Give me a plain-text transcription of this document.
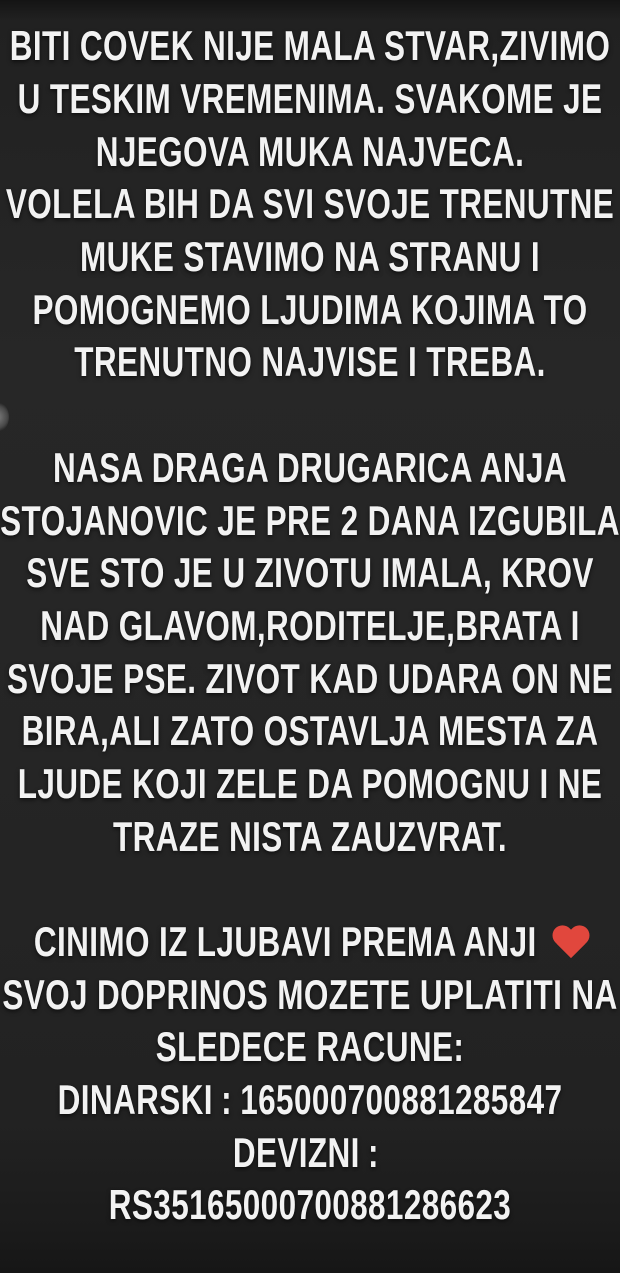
BITI COVEK NIJE MALA STVAR,ZIVIMO
U TESKIM VREMENIMA. SVAKOME JE
NJEGOVA MUKA NAJVECA.
VOLELA BIH DA SVI SVOJE TRENUTNE
MUKE STAVIMO NA STRANU I
POMOGNEMO LJUDIMA KOJIMA TO
TRENUTNO NAJVISE I TREBA.
NASA DRAGA DRUGARICA ANJA
STOJANOVIC JE PRE 2 DANA IZGUBILA
SVE STO JE U ZIVOTU IMALA, KROV
NAD GLAVOM,RODITELJE,BRATA I
SVOJE PSE. ZIVOT KAD UDARA ON NE
BIRA,ALI ZATO OSTAVLJA MESTA ZA
LJUDE KOJI ZELE DA POMOGNU I NE
TRAZE NISTA ZAUZVRAT.
CINIMO IZ LJUBAVI PREMA ANJI
SVOJ DOPRINOS MOZETE UPLATITI NA
SLEDECE RACUNE:
DINARSKI : 165000700881285847
DEVIZNI :
RS35165000700881286623
